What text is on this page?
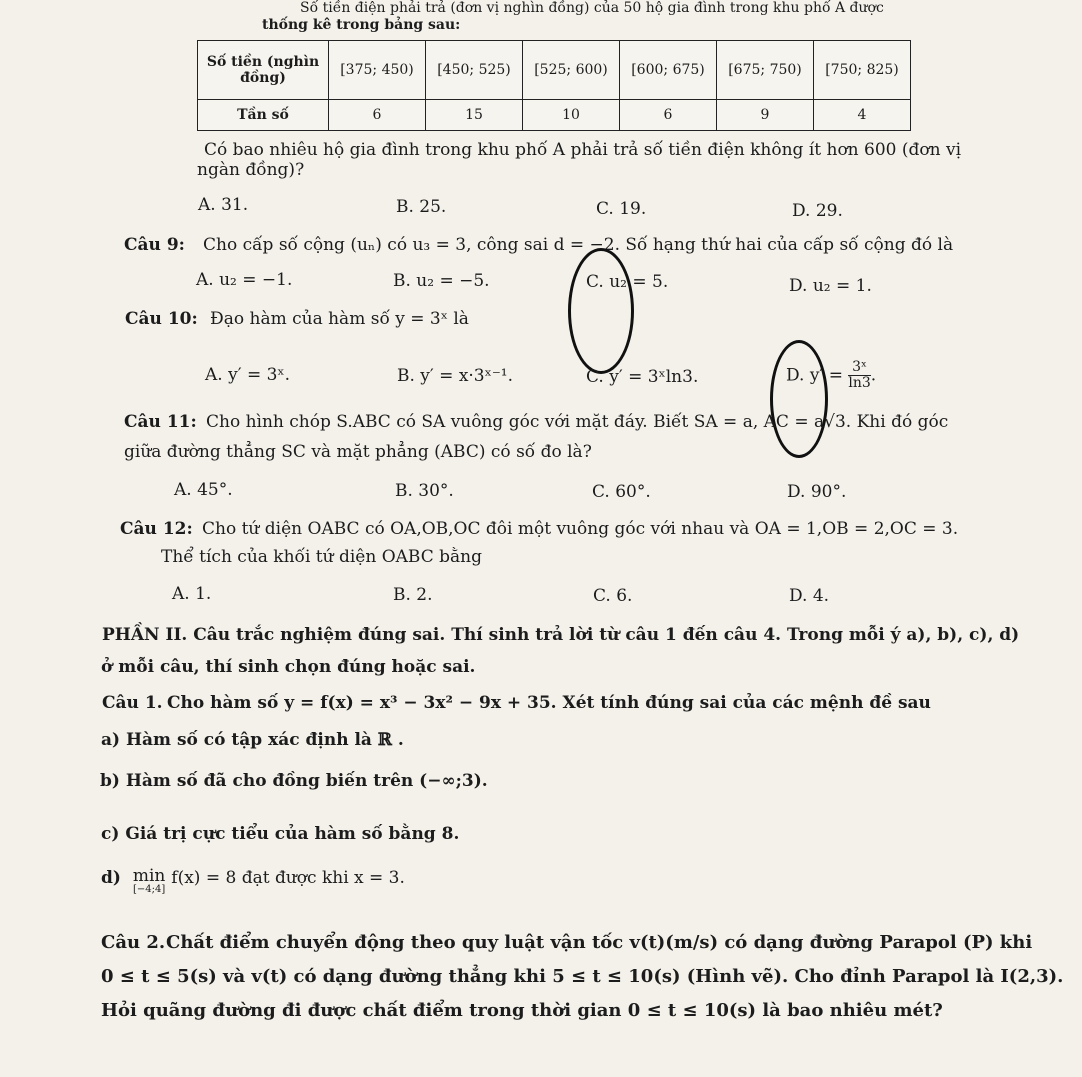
Số tiền điện phải trả (đơn vị nghìn đồng) của 50 hộ gia đình trong khu phố A được
thống kê trong bảng sau:
Số tiền (nghìn đồng)	[375; 450)	[450; 525)	[525; 600)	[600; 675)	[675; 750)	[750; 825)
Tần số	6	15	10	6	9	4
Có bao nhiêu hộ gia đình trong khu phố A phải trả số tiền điện không ít hơn 600 (đơn vị
ngàn đồng)?
A. 31.	B. 25.	C. 19.	D. 29.
Câu 9: Cho cấp số cộng (uₙ) có u₃ = 3, công sai d = −2. Số hạng thứ hai của cấp số cộng đó là
A. u₂ = −1.	B. u₂ = −5.	C. u₂ = 5.	D. u₂ = 1.
Câu 10: Đạo hàm của hàm số y = 3ˣ là
A. y′ = 3ˣ.	B. y′ = x·3ˣ⁻¹.	C. y′ = 3ˣln3.	D. $y' = \frac{\text{3ˣ}}{\ln 3}$ .
Câu 11: Cho hình chóp S.ABC có SA vuông góc với mặt đáy. Biết SA = a, AC = a√3. Khi đó góc
giữa đường thẳng SC và mặt phẳng (ABC) có số đo là?
A. 45°.	B. 30°.	C. 60°.	D. 90°.
Câu 12: Cho tứ diện OABC có OA,OB,OC đôi một vuông góc với nhau và OA = 1,OB = 2,OC = 3.
Thể tích của khối tứ diện OABC bằng
A. 1.	B. 2.	C. 6.	D. 4.
PHẦN II. Câu trắc nghiệm đúng sai. Thí sinh trả lời từ câu 1 đến câu 4. Trong mỗi ý a), b), c), d)
ở mỗi câu, thí sinh chọn đúng hoặc sai.
Câu 1. Cho hàm số y = f(x) = x³ − 3x² − 9x + 35. Xét tính đúng sai của các mệnh đề sau
a) Hàm số có tập xác định là ℝ .
b) Hàm số đã cho đồng biến trên (−∞;3).
c) Giá trị cực tiểu của hàm số bằng 8.
d) min
[−4;4]
f(x) = 8 đạt được khi x = 3.
Câu 2. Chất điểm chuyển động theo quy luật vận tốc v(t)(m/s) có dạng đường Parapol (P) khi
0 ≤ t ≤ 5(s) và v(t) có dạng đường thẳng khi 5 ≤ t ≤ 10(s) (Hình vẽ). Cho đỉnh Parapol là I(2,3).
Hỏi quãng đường đi được chất điểm trong thời gian 0 ≤ t ≤ 10(s) là bao nhiêu mét?
